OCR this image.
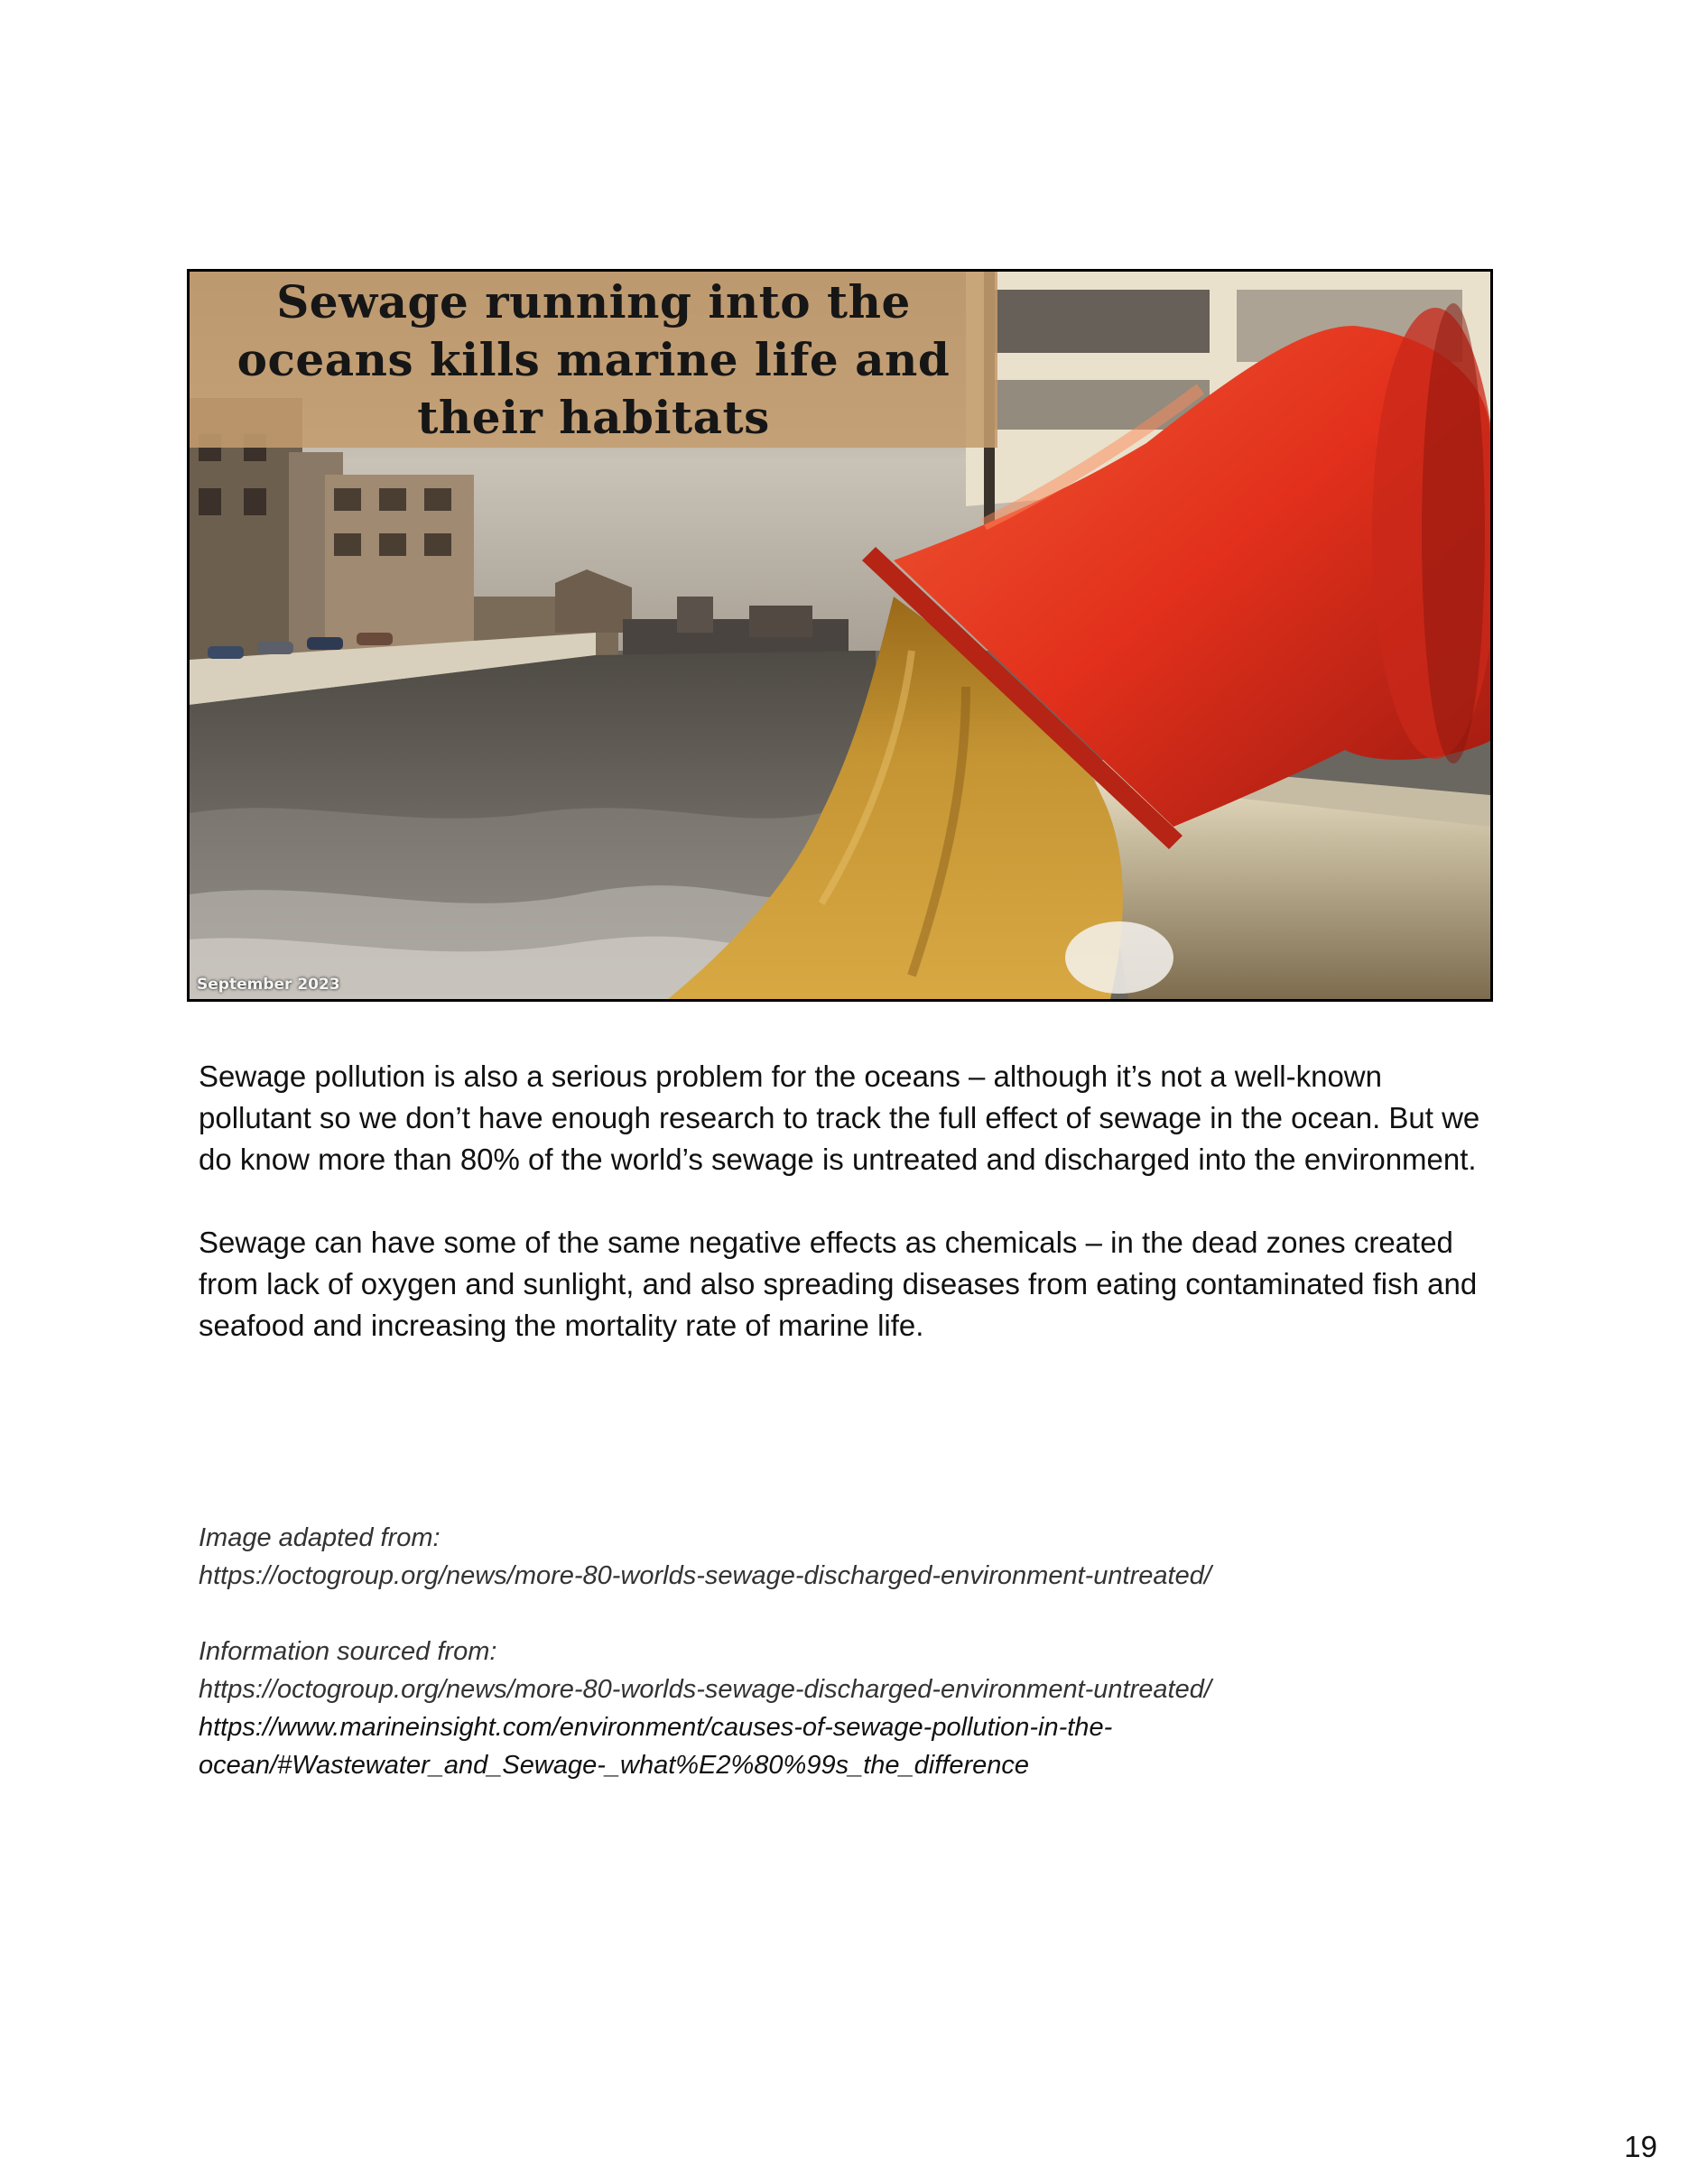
Sewage running into the oceans kills marine life and their habitats
September 2023

Sewage pollution is also a serious problem for the oceans – although it’s not a well-known pollutant so we don’t have enough research to track the full effect of sewage in the ocean. But we do know more than 80% of the world’s sewage is untreated and discharged into the environment.

Sewage can have some of the same negative effects as chemicals – in the dead zones created from lack of oxygen and sunlight, and also spreading diseases from eating contaminated fish and seafood and increasing the mortality rate of marine life.

Image adapted from:
https://octogroup.org/news/more-80-worlds-sewage-discharged-environment-untreated/
Information sourced from:
https://octogroup.org/news/more-80-worlds-sewage-discharged-environment-untreated/
https://www.marineinsight.com/environment/causes-of-sewage-pollution-in-the-ocean/#Wastewater_and_Sewage-_what%E2%80%99s_the_difference
19
